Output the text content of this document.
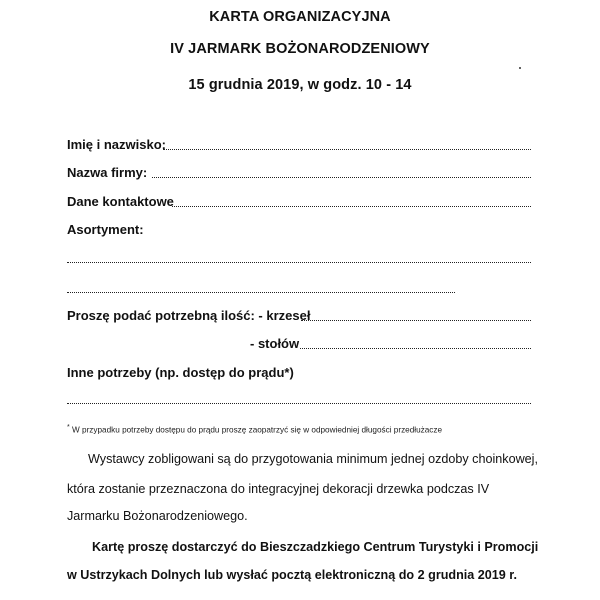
KARTA ORGANIZACYJNA
IV JARMARK BOŻONARODZENIOWY
15 grudnia 2019, w godz. 10 - 14
Imię i nazwisko:
Nazwa firmy:
Dane kontaktowe
Asortyment:
Proszę podać potrzebną ilość: - krzeseł
- stołów
Inne potrzeby (np. dostęp do prądu*)
* W przypadku potrzeby dostępu do prądu proszę zaopatrzyć się w odpowiedniej długości przedłużacze
Wystawcy zobligowani są do przygotowania minimum jednej ozdoby choinkowej,
która zostanie przeznaczona do integracyjnej dekoracji drzewka podczas IV
Jarmarku Bożonarodzeniowego.
Kartę proszę dostarczyć do Bieszczadzkiego Centrum Turystyki i Promocji
w Ustrzykach Dolnych lub wysłać pocztą elektroniczną do 2 grudnia 2019 r.
